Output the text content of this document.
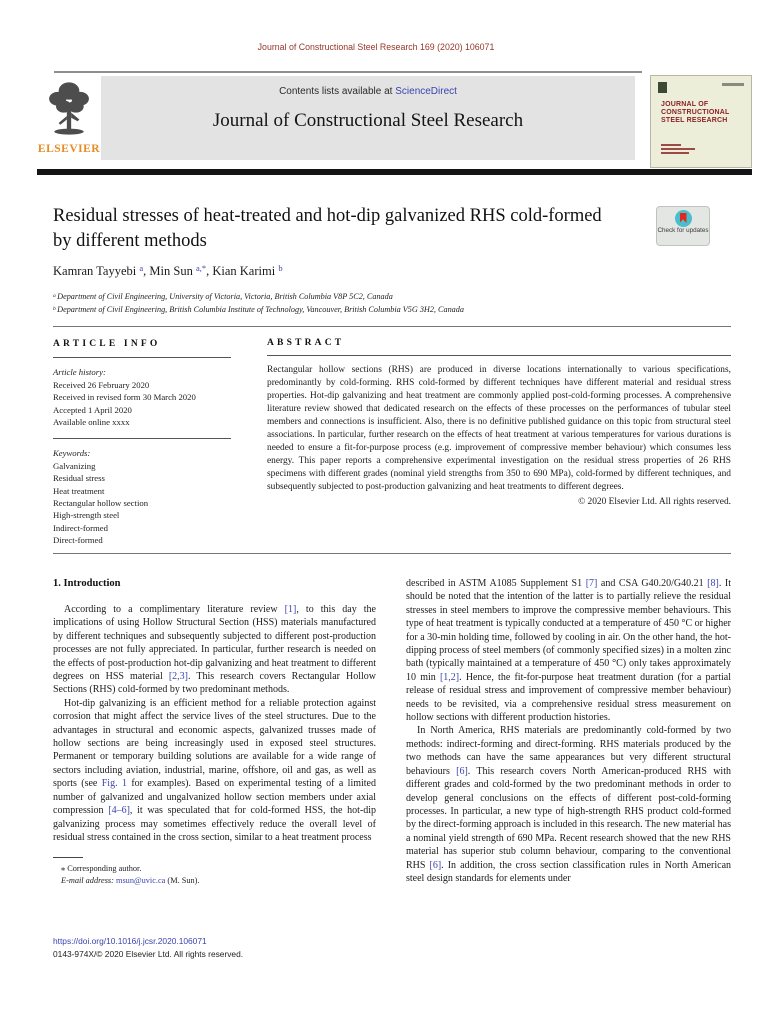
Journal of Constructional Steel Research 169 (2020) 106071
ELSEVIER
Contents lists available at ScienceDirect
Journal of Constructional Steel Research
JOURNAL OF CONSTRUCTIONAL STEEL RESEARCH
Residual stresses of heat-treated and hot-dip galvanized RHS cold-formed by different methods	Check for updates
Kamran Tayyebi $^a$, Min Sun $^{a,*}$, Kian Karimi $^b$
$^a$ Department of Civil Engineering, University of Victoria, Victoria, British Columbia V8P 5C2, Canada
$^b$ Department of Civil Engineering, British Columbia Institute of Technology, Vancouver, British Columbia V5G 3H2, Canada
ARTICLE INFO
Article history:
Received 26 February 2020
Received in revised form 30 March 2020
Accepted 1 April 2020
Available online xxxx
Keywords:
Galvanizing
Residual stress
Heat treatment
Rectangular hollow section
High-strength steel
Indirect-formed
Direct-formed
ABSTRACT
Rectangular hollow sections (RHS) are produced in diverse locations internationally to various specifications, predominantly by cold-forming. RHS cold-formed by different techniques have different material and residual stress properties. Hot-dip galvanizing and heat treatment are commonly applied post-cold-forming processes. A comprehensive literature review showed that dedicated research on the effects of these processes on the performances of tubular steel members and connections is insufficient. Also, there is no definitive published guidance on this topic from structural steel associations. In particular, further research on the effects of heat treatment at various temperatures for various durations is needed to ensure a fit-for-purpose process (e.g. improvement of compressive member behaviour) which consumes less energy. This paper reports a comprehensive experimental investigation on the residual stress properties of 26 RHS specimens with different grades (nominal yield strengths from 350 to 690 MPa), cold-formed by different techniques, and subsequently subjected to post-production galvanizing and heat treatments to different degrees.
© 2020 Elsevier Ltd. All rights reserved.
1. Introduction
According to a complimentary literature review [1], to this day the implications of using Hollow Structural Section (HSS) materials manufactured by different techniques and subsequently subjected to different post-production processes are not fully appreciated. In particular, further research is needed on the effects of post-production hot-dip galvanizing and heat treatment to different degrees on HSS material [2,3]. This research covers Rectangular Hollow Sections (RHS) cold-formed by two predominant methods.
Hot-dip galvanizing is an efficient method for a reliable protection against corrosion that might affect the service lives of the steel structures. Due to the advantages in structural and economic aspects, galvanized trusses made of hollow sections are being increasingly used in exposed steel structures. Permanent or temporary building solutions are available for a wide range of sectors including aviation, industrial, marine, offshore, oil and gas, as well as sports (see Fig. 1 for examples). Based on experimental testing of a limited number of galvanized and ungalvanized hollow section members under axial compression [4–6], it was speculated that for cold-formed HSS, the hot-dip galvanizing process may sometimes effectively reduce the overall level of residual stress contained in the cross section, similar to a heat treatment process
⁎ Corresponding author.
E-mail address: msun@uvic.ca (M. Sun).
described in ASTM A1085 Supplement S1 [7] and CSA G40.20/G40.21 [8]. It should be noted that the intention of the latter is to partially relieve the residual stresses in steel members to improve the compressive member behaviours. This type of heat treatment is typically conducted at a temperature of 450 °C or higher for a 30-min holding time, followed by cooling in air. On the other hand, the hot-dipping process of steel members (of commonly specified sizes) in a molten zinc bath (typically maintained at a temperature of 450 °C) only takes approximately 10 min [1,2]. Hence, the fit-for-purpose heat treatment duration (for a partial release of residual stress and improvement of compressive member behaviour) needs to be revisited, via a comprehensive residual stress measurement on hollow sections with different production histories.
In North America, RHS materials are predominantly cold-formed by two methods: indirect-forming and direct-forming. RHS materials produced by the two methods can have the same appearances but very different structural behaviours [6]. This research covers North American-produced RHS with different grades and cold-formed by the two predominant methods in order to develop general conclusions on the effects of different post-cold-forming processes. In particular, a new type of high-strength RHS product cold-formed by the direct-forming approach is included in this research. The new material has a nominal yield strength of 690 MPa. Recent research showed that the new RHS material has superior stub column behaviour, comparing to the conventional RHS [6]. In addition, the cross section classification rules in North American steel design standards for elements under
https://doi.org/10.1016/j.jcsr.2020.106071
0143-974X/© 2020 Elsevier Ltd. All rights reserved.
